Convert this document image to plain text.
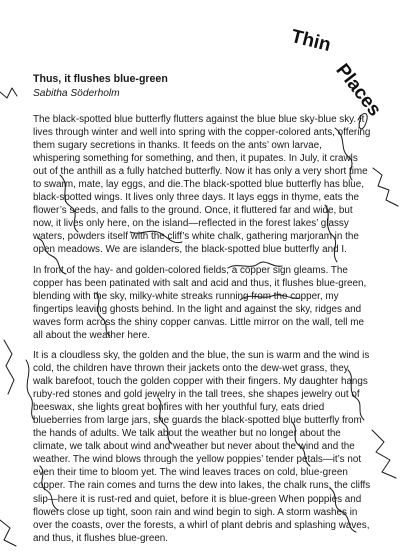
Thin
Places
Thus, it flushes blue-green

Sabitha Söderholm

The black-spotted blue butterfly flutters against the blue blue sky-blue sky. It lives through winter and well into spring with the copper-colored ants, offering them sugary secretions in thanks. It feeds on the ants’ own larvae, whispering something for something, and then, it pupates. In July, it crawls out of the anthill as a fully hatched butterfly. Now it has only a very short time to swarm, mate, lay eggs, and die.The black-spotted blue butterfly has blue, black-spotted wings. It lives only three days. It lays eggs in thyme, eats the flower’s seeds, and falls to the ground. Once, it fluttered far and wide, but now, it lives only here, on the island—reflected in the forest lakes’ glassy waters, powders itself with the cliff’s white chalk, gathering marjoram in the open meadows. We are islanders, the black-spotted blue butterfly and I.

In front of the hay- and golden-colored fields, a copper sign gleams. The copper has been patinated with salt and acid and thus, it flushes blue-green, blending with the sky, milky-white streaks running from the copper, my fingertips leaving ghosts behind. In the light and against the sky, ridges and waves form across the shiny copper canvas. Little mirror on the wall, tell me all about the weather here.

It is a cloudless sky, the golden and the blue, the sun is warm and the wind is cold, the children have thrown their jackets onto the dew-wet grass, they walk barefoot, touch the golden copper with their fingers. My daughter hangs ruby-red stones and gold jewelry in the tall trees, she shapes jewelry out of beeswax, she lights great bonfires with her youthful fury, eats dried blueberries from large jars, she guards the black-spotted blue butterfly from the hands of adults. We talk about the weather but no longer about the climate, we talk about wind and weather but never about the wind and the weather. The wind blows through the yellow poppies’ tender petals—it’s not even their time to bloom yet. The wind leaves traces on cold, blue-green copper. The rain comes and turns the dew into lakes, the chalk runs, the cliffs slip—here it is rust-red and quiet, before it is blue-green When poppies and flowers close up tight, soon rain and wind begin to sigh. A storm washes in over the coasts, over the forests, a whirl of plant debris and splashing waves, and thus, it flushes blue-green.
